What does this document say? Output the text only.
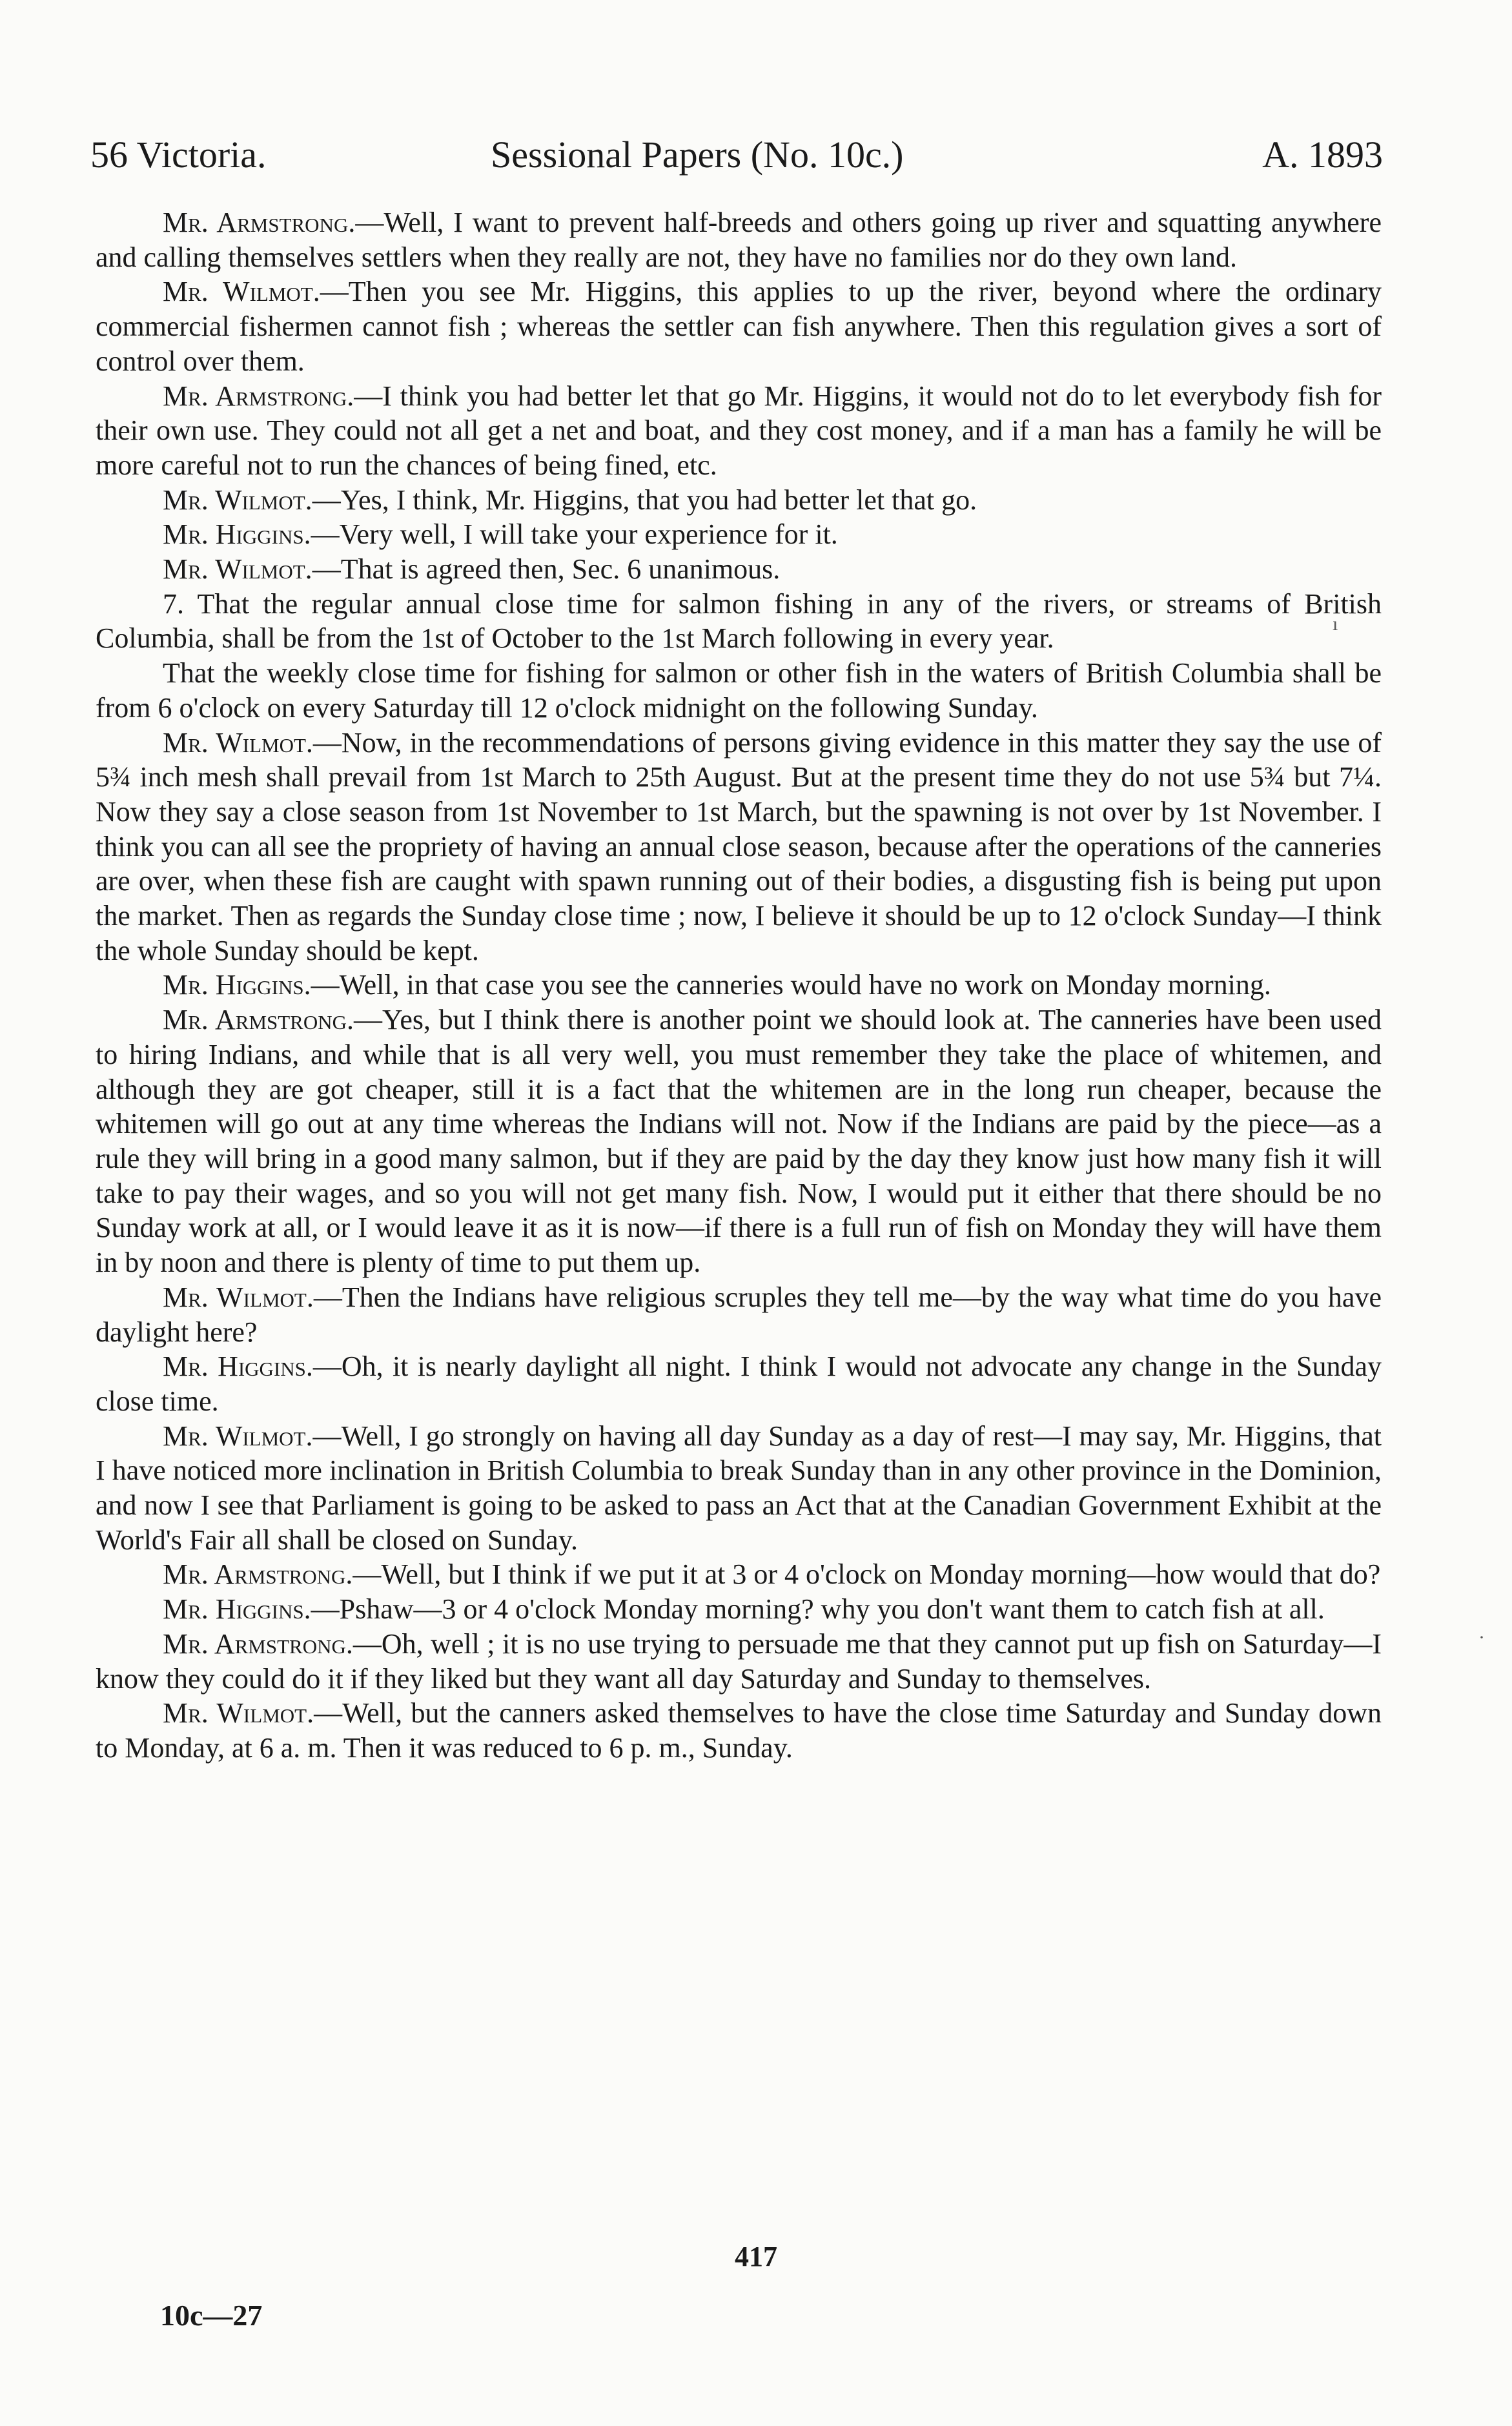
56 Victoria.	Sessional Papers (No. 10c.)	A. 1893

Mr. Armstrong.—Well, I want to prevent half-breeds and others going up river and squatting anywhere and calling themselves settlers when they really are not, they have no families nor do they own land.

Mr. Wilmot.—Then you see Mr. Higgins, this applies to up the river, beyond where the ordinary commercial fishermen cannot fish ; whereas the settler can fish anywhere. Then this regulation gives a sort of control over them.

Mr. Armstrong.—I think you had better let that go Mr. Higgins, it would not do to let everybody fish for their own use. They could not all get a net and boat, and they cost money, and if a man has a family he will be more careful not to run the chances of being fined, etc.

Mr. Wilmot.—Yes, I think, Mr. Higgins, that you had better let that go.

Mr. Higgins.—Very well, I will take your experience for it.

Mr. Wilmot.—That is agreed then, Sec. 6 unanimous.

7. That the regular annual close time for salmon fishing in any of the rivers, or streams of British Columbia, shall be from the 1st of October to the 1st March following in every year.

That the weekly close time for fishing for salmon or other fish in the waters of British Columbia shall be from 6 o'clock on every Saturday till 12 o'clock midnight on the following Sunday.

Mr. Wilmot.—Now, in the recommendations of persons giving evidence in this matter they say the use of 5¾ inch mesh shall prevail from 1st March to 25th August. But at the present time they do not use 5¾ but 7¼. Now they say a close season from 1st November to 1st March, but the spawning is not over by 1st November. I think you can all see the propriety of having an annual close season, because after the operations of the canneries are over, when these fish are caught with spawn running out of their bodies, a disgusting fish is being put upon the market. Then as regards the Sunday close time ; now, I believe it should be up to 12 o'clock Sunday—I think the whole Sunday should be kept.

Mr. Higgins.—Well, in that case you see the canneries would have no work on Monday morning.

Mr. Armstrong.—Yes, but I think there is another point we should look at. The canneries have been used to hiring Indians, and while that is all very well, you must remember they take the place of whitemen, and although they are got cheaper, still it is a fact that the whitemen are in the long run cheaper, because the whitemen will go out at any time whereas the Indians will not. Now if the Indians are paid by the piece—as a rule they will bring in a good many salmon, but if they are paid by the day they know just how many fish it will take to pay their wages, and so you will not get many fish. Now, I would put it either that there should be no Sunday work at all, or I would leave it as it is now—if there is a full run of fish on Monday they will have them in by noon and there is plenty of time to put them up.

Mr. Wilmot.—Then the Indians have religious scruples they tell me—by the way what time do you have daylight here?

Mr. Higgins.—Oh, it is nearly daylight all night. I think I would not advocate any change in the Sunday close time.

Mr. Wilmot.—Well, I go strongly on having all day Sunday as a day of rest—I may say, Mr. Higgins, that I have noticed more inclination in British Columbia to break Sunday than in any other province in the Dominion, and now I see that Parliament is going to be asked to pass an Act that at the Canadian Government Exhibit at the World's Fair all shall be closed on Sunday.

Mr. Armstrong.—Well, but I think if we put it at 3 or 4 o'clock on Monday morning—how would that do?

Mr. Higgins.—Pshaw—3 or 4 o'clock Monday morning? why you don't want them to catch fish at all.

Mr. Armstrong.—Oh, well ; it is no use trying to persuade me that they cannot put up fish on Saturday—I know they could do it if they liked but they want all day Saturday and Sunday to themselves.

Mr. Wilmot.—Well, but the canners asked themselves to have the close time Saturday and Sunday down to Monday, at 6 a. m. Then it was reduced to 6 p. m., Sunday.

ı
·
417
10c—27
